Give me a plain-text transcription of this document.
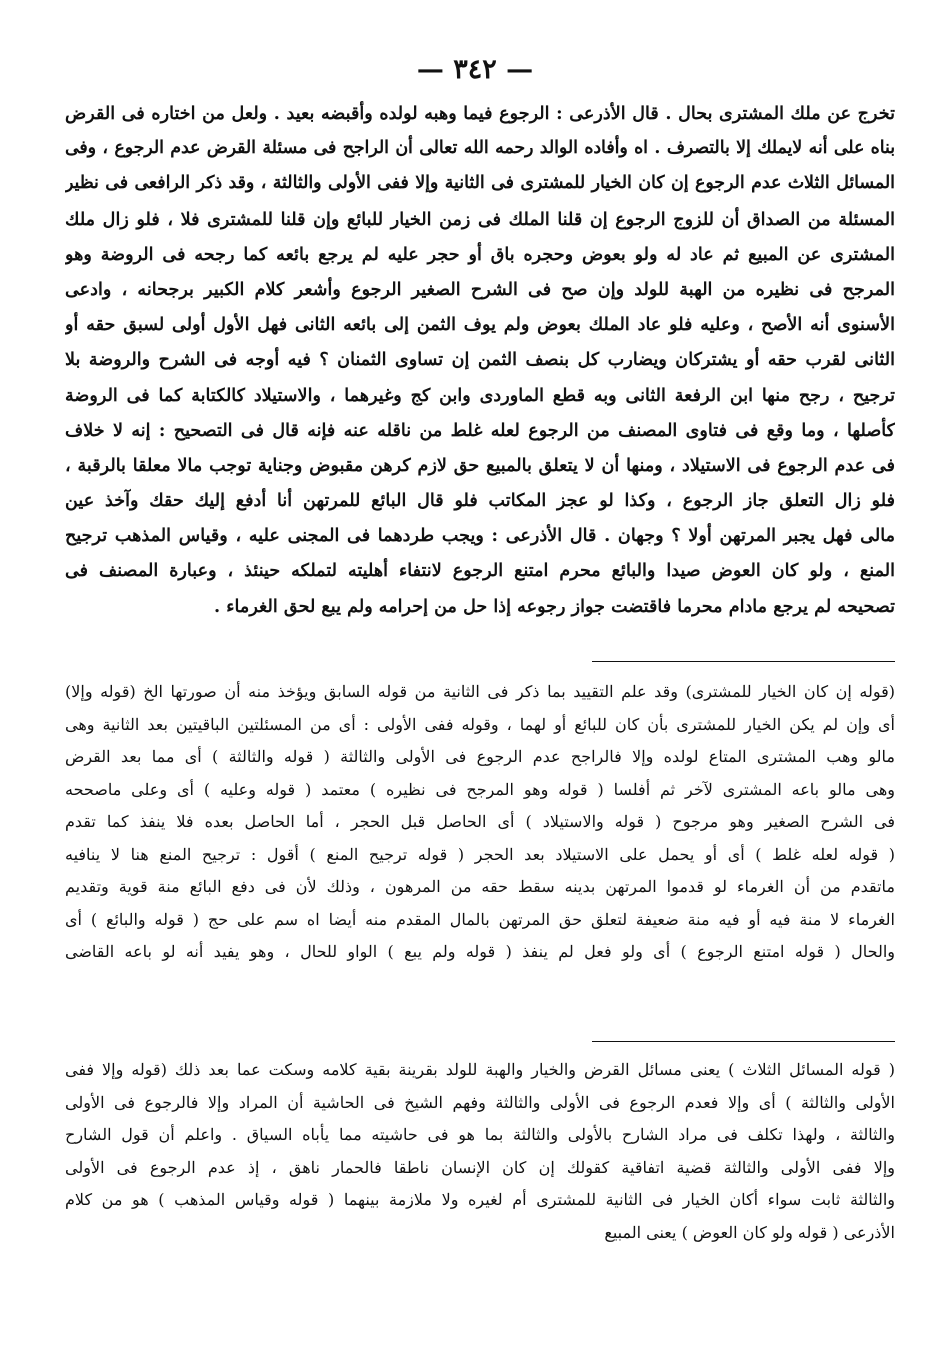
— ٣٤٢ —
تخرج عن ملك المشترى بحال . قال الأذرعى : الرجوع فيما وهبه لولده وأقبضه بعيد . ولعل من اختاره فى القرض
بناه على أنه لايملك إلا بالتصرف . اه وأفاده الوالد رحمه الله تعالى أن الراجح فى مسئلة القرض عدم الرجوع ، وفى
المسائل الثلاث عدم الرجوع إن كان الخيار للمشترى فى الثانية وإلا ففى الأولى والثالثة ، وقد ذكر الرافعى فى نظير
المسئلة من الصداق أن للزوج الرجوع إن قلنا الملك فى زمن الخيار للبائع وإن قلنا للمشترى فلا ، فلو زال ملك
المشترى عن المبيع ثم عاد له ولو بعوض وحجره باق أو حجر عليه لم يرجع بائعه كما رجحه فى الروضة وهو
المرجح فى نظيره من الهبة للولد وإن صح فى الشرح الصغير الرجوع وأشعر كلام الكبير برجحانه ، وادعى
الأسنوى أنه الأصح ، وعليه فلو عاد الملك بعوض ولم يوف الثمن إلى بائعه الثانى فهل الأول أولى لسبق حقه أو
الثانى لقرب حقه أو يشتركان ويضارب كل بنصف الثمن إن تساوى الثمنان ؟ فيه أوجه فى الشرح والروضة بلا
ترجيح ، رجح منها ابن الرفعة الثانى وبه قطع الماوردى وابن كج وغيرهما ، والاستيلاد كالكتابة كما فى الروضة
كأصلها ، وما وقع فى فتاوى المصنف من الرجوع لعله غلط من ناقله عنه فإنه قال فى التصحيح : إنه لا خلاف
فى عدم الرجوع فى الاستيلاد ، ومنها أن لا يتعلق بالمبيع حق لازم كرهن مقبوض وجناية توجب مالا معلقا بالرقبة ،
فلو زال التعلق جاز الرجوع ، وكذا لو عجز المكاتب فلو قال البائع للمرتهن أنا أدفع إليك حقك وآخذ عين
مالى فهل يجبر المرتهن أولا ؟ وجهان . قال الأذرعى : ويجب طردهما فى المجنى عليه ، وقياس المذهب ترجيح
المنع ، ولو كان العوض صيدا والبائع محرم امتنع الرجوع لانتفاء أهليته لتملكه حينئذ ، وعبارة المصنف فى
تصحيحه لم يرجع مادام محرما فاقتضت جواز رجوعه إذا حل من إحرامه ولم يبع لحق الغرماء .
(قوله إن كان الخيار للمشترى) وقد علم التقييد بما ذكر فى الثانية من قوله السابق ويؤخذ منه أن صورتها الخ (قوله وإلا)
أى وإن لم يكن الخيار للمشترى بأن كان للبائع أو لهما ، وقوله ففى الأولى : أى من المسئلتين الباقيتين بعد الثانية وهى
مالو وهب المشترى المتاع لولده وإلا فالراجح عدم الرجوع فى الأولى والثالثة ( قوله والثالثة ) أى مما بعد القرض
وهى مالو باعه المشترى لآخر ثم أفلسا ( قوله وهو المرجح فى نظيره ) معتمد ( قوله وعليه ) أى وعلى ماصححه
فى الشرح الصغير وهو مرجوح ( قوله والاستيلاد ) أى الحاصل قبل الحجر ، أما الحاصل بعده فلا ينفذ كما تقدم
( قوله لعله غلط ) أى أو يحمل على الاستيلاد بعد الحجر ( قوله ترجيح المنع ) أقول : ترجيح المنع هنا لا ينافيه
ماتقدم من أن الغرماء لو قدموا المرتهن بدينه سقط حقه من المرهون ، وذلك لأن فى دفع البائع منة قوية وتقديم
الغرماء لا منة فيه أو فيه منة ضعيفة لتعلق حق المرتهن بالمال المقدم منه أيضا اه سم على حج ( قوله والبائع ) أى
والحال ( قوله امتنع الرجوع ) أى ولو فعل لم ينفذ ( قوله ولم يبع ) الواو للحال ، وهو يفيد أنه لو باعه القاضى
( قوله المسائل الثلاث ) يعنى مسائل القرض والخيار والهبة للولد بقرينة بقية كلامه وسكت عما بعد ذلك (قوله وإلا ففى
الأولى والثالثة ) أى وإلا فعدم الرجوع فى الأولى والثالثة وفهم الشيخ فى الحاشية أن المراد وإلا فالرجوع فى الأولى
والثالثة ، ولهذا تكلف فى مراد الشارح بالأولى والثالثة بما هو فى حاشيته مما يأباه السياق . واعلم أن قول الشارح
وإلا ففى الأولى والثالثة قضية اتفاقية كقولك إن كان الإنسان ناطقا فالحمار ناهق ، إذ عدم الرجوع فى الأولى
والثالثة ثابت سواء أكان الخيار فى الثانية للمشترى أم لغيره ولا ملازمة بينهما ( قوله وقياس المذهب ) هو من كلام
الأذرعى ( قوله ولو كان العوض ) يعنى المبيع
